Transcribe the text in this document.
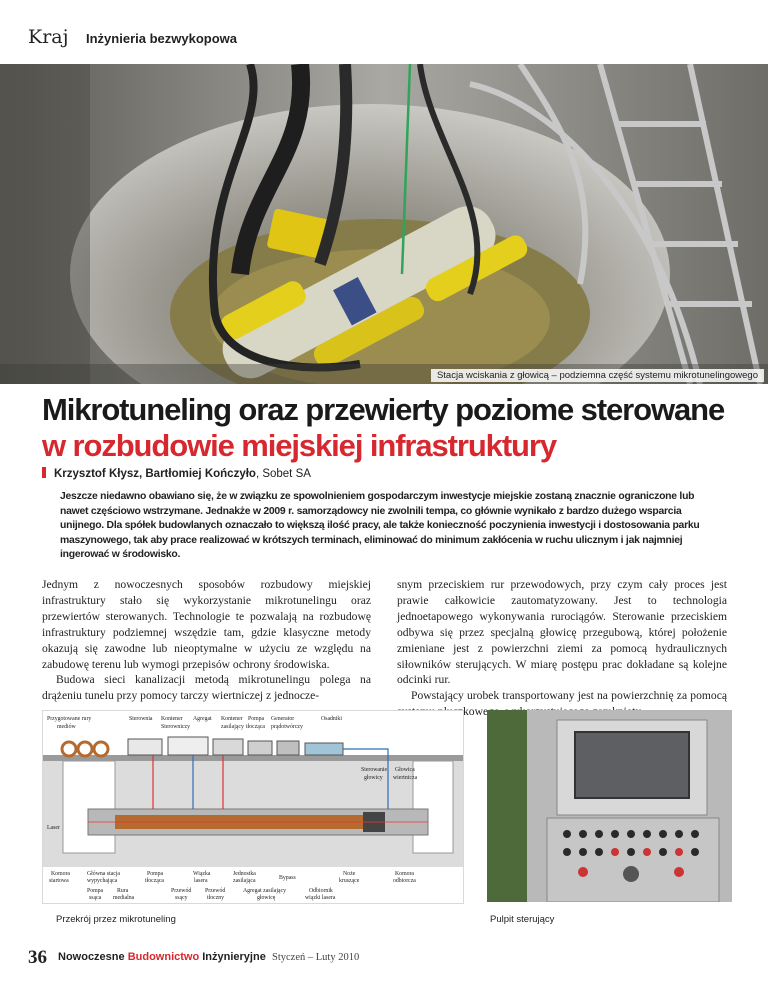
Kraj Inżynieria bezwykopowa
Stacja wciskania z głowicą – podziemna część systemu mikrotunelingowego
Mikrotuneling oraz przewierty poziome sterowane
w rozbudowie miejskiej infrastruktury
Krzysztof Kłysz, Bartłomiej Kończyło, Sobet SA
Jeszcze niedawno obawiano się, że w związku ze spowolnieniem gospodarczym inwestycje miejskie zostaną znacznie ograniczone lub nawet częściowo wstrzymane. Jednakże w 2009 r. samorządowcy nie zwolnili tempa, co głównie wynikało z bardzo dużego wsparcia unijnego. Dla spółek budowlanych oznaczało to większą ilość pracy, ale także konieczność poczynienia inwestycji i dostosowania parku maszynowego, tak aby prace realizować w krótszych terminach, eliminować do minimum zakłócenia w ruchu ulicznym i jak najmniej ingerować w środowisko.

Jednym z nowoczesnych sposobów rozbudowy miejskiej infrastruktury stało się wykorzystanie mikrotunelingu oraz przewiertów sterowanych. Technologie te pozwalają na rozbudowę infrastruktury podziemnej wszędzie tam, gdzie klasyczne metody okazują się zawodne lub nieoptymalne w użyciu ze względu na zabudowę terenu lub wymogi przepisów ochrony środowiska.

Budowa sieci kanalizacji metodą mikrotunelingu polega na drążeniu tunelu przy pomocy tarczy wiertniczej z jednocze-

snym przeciskiem rur przewodowych, przy czym cały proces jest prawie całkowicie zautomatyzowany. Jest to technologia jednoetapowego wykonywania rurociągów. Sterowanie przeciskiem odbywa się przez specjalną głowicę przegubową, której położenie zmieniane jest z powierzchni ziemi za pomocą hydraulicznych siłowników sterujących. W miarę postępu prac dokładane są kolejne odcinki rur.

Powstający urobek transportowany jest na powierzchnię za pomocą płuczkowego,

Przygotowane rury
mediów
Sterownia Kontener
Sterowniczy
Agregat Kontener
zasilający
Pompa
tłocząca
Generator
prądotwórczy
Osadniki
Sterowanie
głowicy
Głowica
wiertnicza
Laser
Komora
startowa
Główna stacja
wypychająca
Pompa
ssąca
Rura
medialna
Pompa
tłocząca
Przewód
ssący
Wiązka
lasera
Przewód
tłoczny
Jednostka
zasilająca
Agregat zasilający
głowicę
Bypass
Noże
kruszące
Odbiornik
wiązki lasera
Komora
odbiorcza
Przekrój przez mikrotuneling	Pulpit sterujący
36 Nowoczesne Budownictwo Inżynieryjne Styczeń – Luty 2010
